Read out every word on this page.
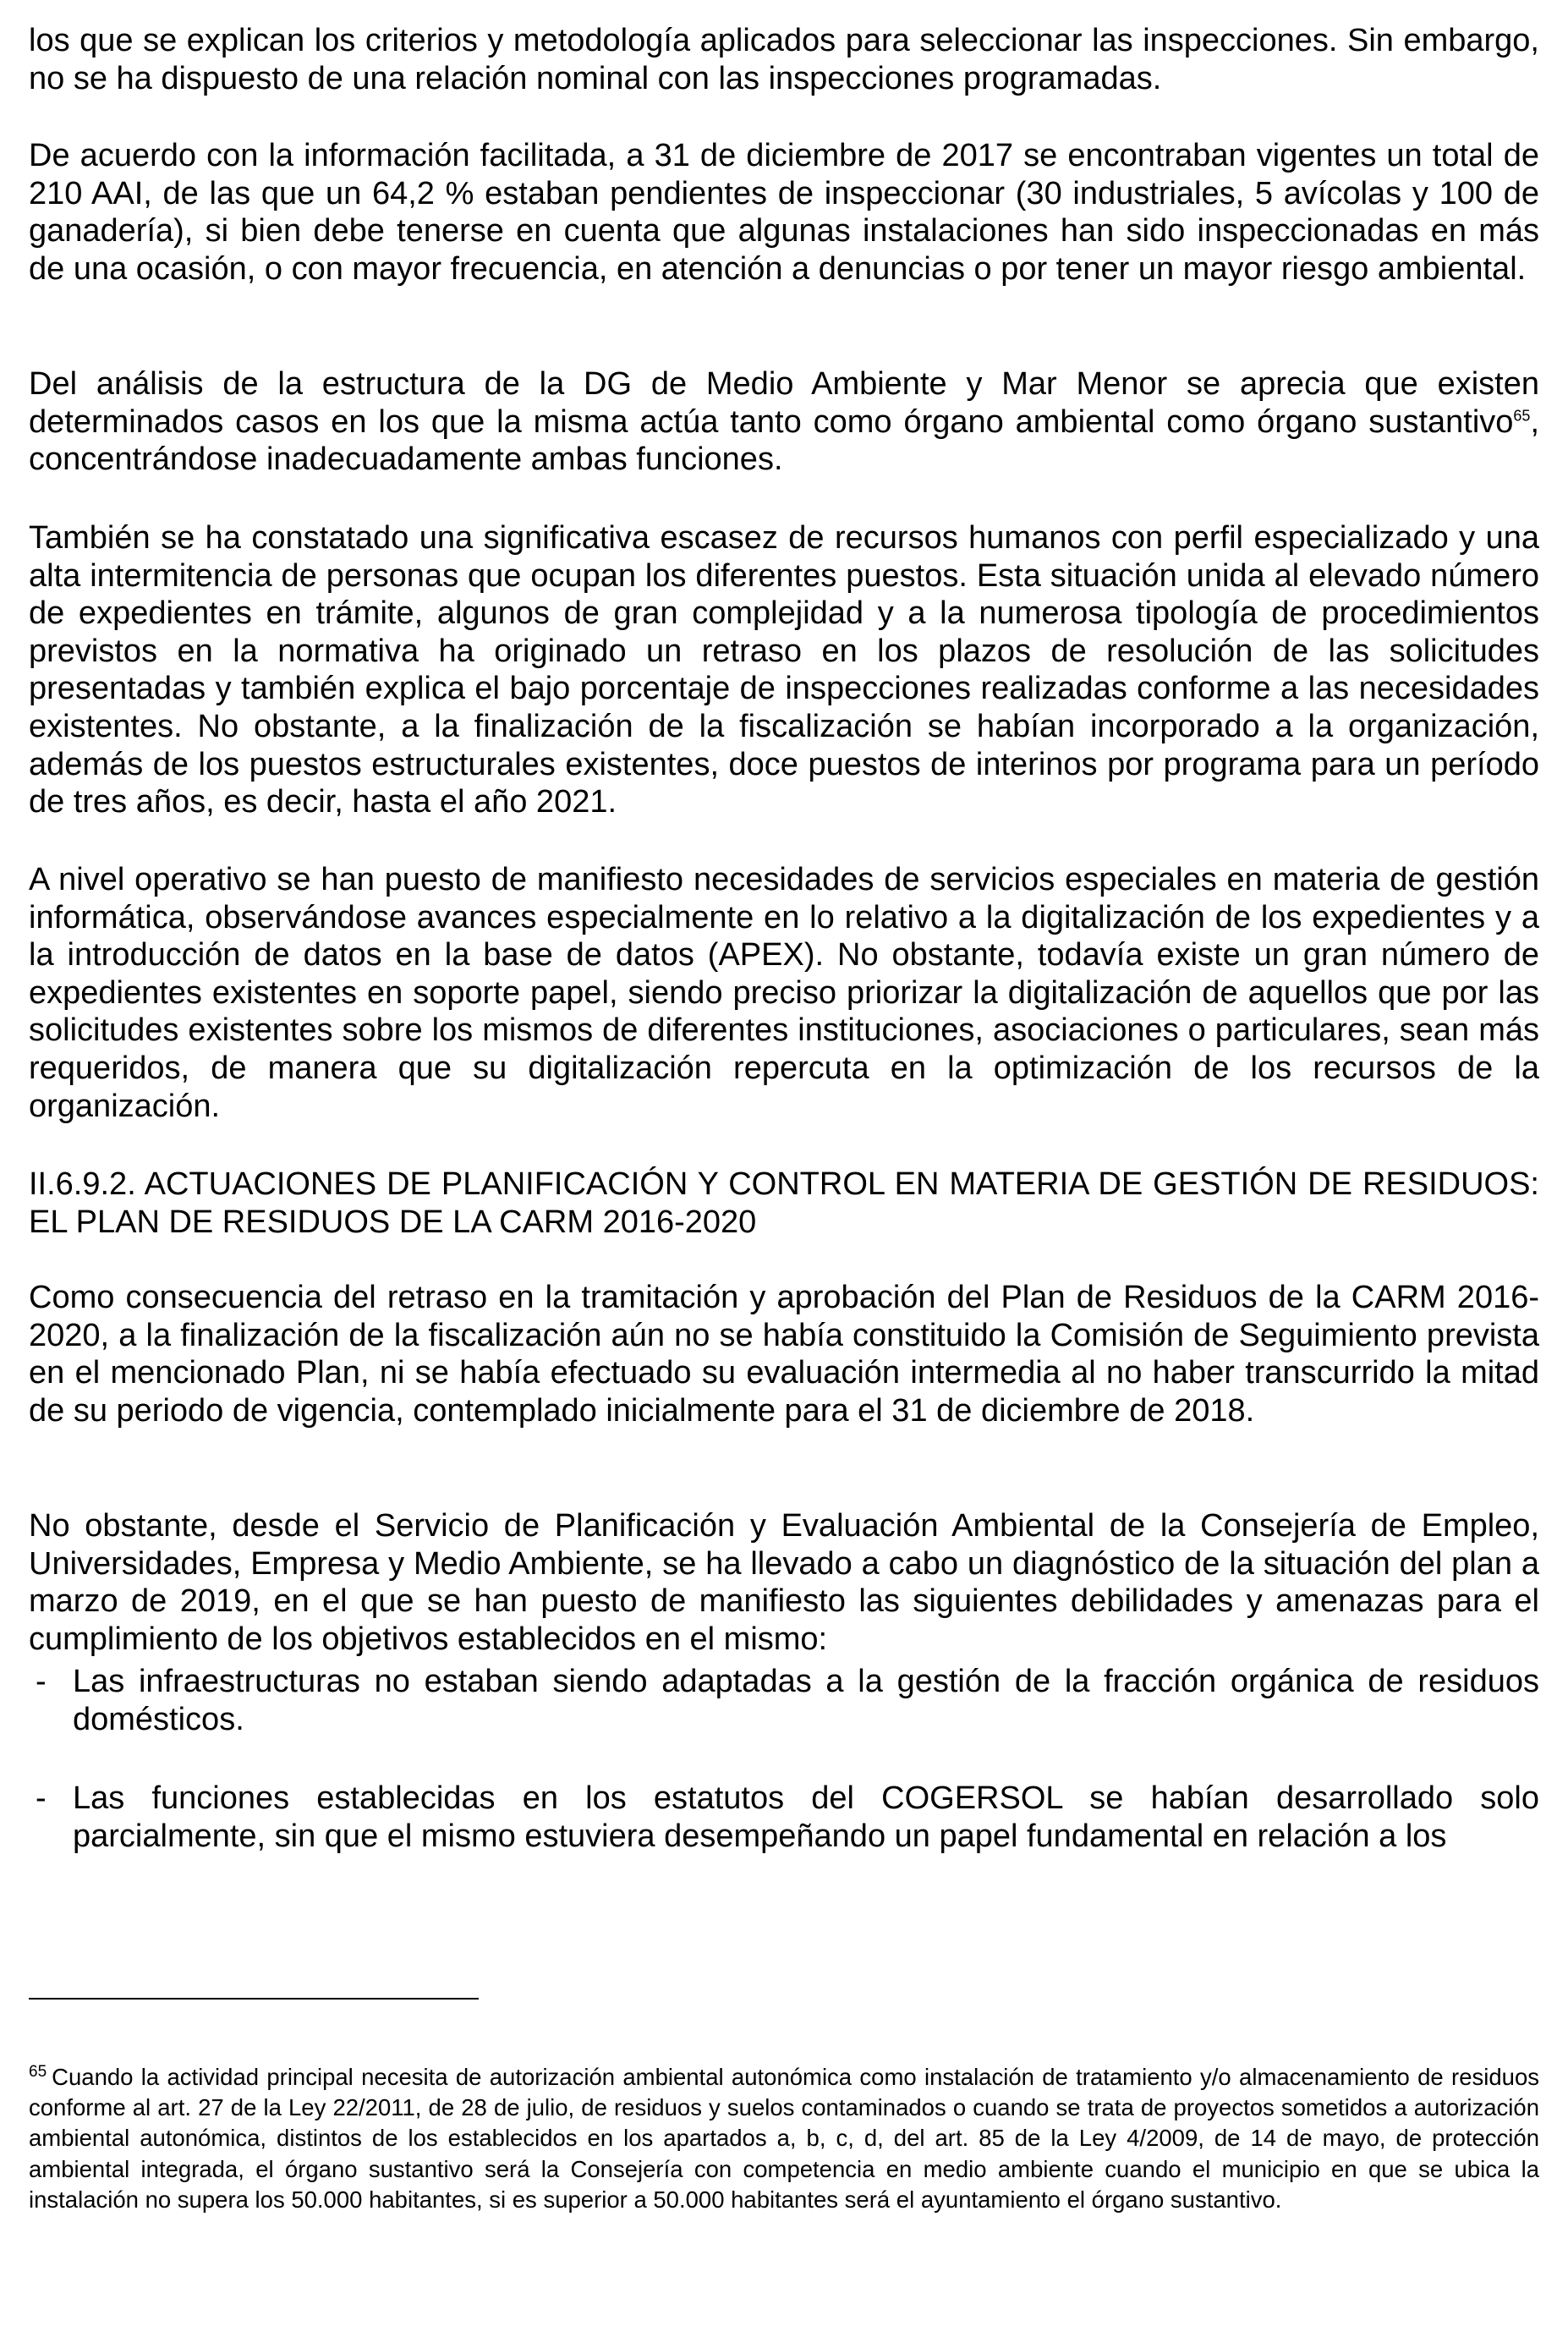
los que se explican los criterios y metodología aplicados para seleccionar las inspecciones. Sin embargo, no se ha dispuesto de una relación nominal con las inspecciones programadas.

De acuerdo con la información facilitada, a 31 de diciembre de 2017 se encontraban vigentes un total de 210 AAI, de las que un 64,2 % estaban pendientes de inspeccionar (30 industriales, 5 avícolas y 100 de ganadería), si bien debe tenerse en cuenta que algunas instalaciones han sido inspeccionadas en más de una ocasión, o con mayor frecuencia, en atención a denuncias o por tener un mayor riesgo ambiental.

Del análisis de la estructura de la DG de Medio Ambiente y Mar Menor se aprecia que existen determinados casos en los que la misma actúa tanto como órgano ambiental como órgano sustantivo$^{65}$, concentrándose inadecuadamente ambas funciones.

También se ha constatado una significativa escasez de recursos humanos con perfil especializado y una alta intermitencia de personas que ocupan los diferentes puestos. Esta situación unida al elevado número de expedientes en trámite, algunos de gran complejidad y a la numerosa tipología de procedimientos previstos en la normativa ha originado un retraso en los plazos de resolución de las solicitudes presentadas y también explica el bajo porcentaje de inspecciones realizadas conforme a las necesidades existentes. No obstante, a la finalización de la fiscalización se habían incorporado a la organización, además de los puestos estructurales existentes, doce puestos de interinos por programa para un período de tres años, es decir, hasta el año 2021.

A nivel operativo se han puesto de manifiesto necesidades de servicios especiales en materia de gestión informática, observándose avances especialmente en lo relativo a la digitalización de los expedientes y a la introducción de datos en la base de datos (APEX). No obstante, todavía existe un gran número de expedientes existentes en soporte papel, siendo preciso priorizar la digitalización de aquellos que por las solicitudes existentes sobre los mismos de diferentes instituciones, asociaciones o particulares, sean más requeridos, de manera que su digitalización repercuta en la optimización de los recursos de la organización.

II.6.9.2. ACTUACIONES DE PLANIFICACIÓN Y CONTROL EN MATERIA DE GESTIÓN DE RESIDUOS: EL PLAN DE RESIDUOS DE LA CARM 2016-2020

Como consecuencia del retraso en la tramitación y aprobación del Plan de Residuos de la CARM 2016-2020, a la finalización de la fiscalización aún no se había constituido la Comisión de Seguimiento prevista en el mencionado Plan, ni se había efectuado su evaluación intermedia al no haber transcurrido la mitad de su periodo de vigencia, contemplado inicialmente para el 31 de diciembre de 2018.

No obstante, desde el Servicio de Planificación y Evaluación Ambiental de la Consejería de Empleo, Universidades, Empresa y Medio Ambiente, se ha llevado a cabo un diagnóstico de la situación del plan a marzo de 2019, en el que se han puesto de manifiesto las siguientes debilidades y amenazas para el cumplimiento de los objetivos establecidos en el mismo:

- Las infraestructuras no estaban siendo adaptadas a la gestión de la fracción orgánica de residuos domésticos.

- Las funciones establecidas en los estatutos del COGERSOL se habían desarrollado solo parcialmente, sin que el mismo estuviera desempeñando un papel fundamental en relación a los

$^{65}$ Cuando la actividad principal necesita de autorización ambiental autonómica como instalación de tratamiento y/o almacenamiento de residuos conforme al art. 27 de la Ley 22/2011, de 28 de julio, de residuos y suelos contaminados o cuando se trata de proyectos sometidos a autorización ambiental autonómica, distintos de los establecidos en los apartados a, b, c, d, del art. 85 de la Ley 4/2009, de 14 de mayo, de protección ambiental integrada, el órgano sustantivo será la Consejería con competencia en medio ambiente cuando el municipio en que se ubica la instalación no supera los 50.000 habitantes, si es superior a 50.000 habitantes será el ayuntamiento el órgano sustantivo.
